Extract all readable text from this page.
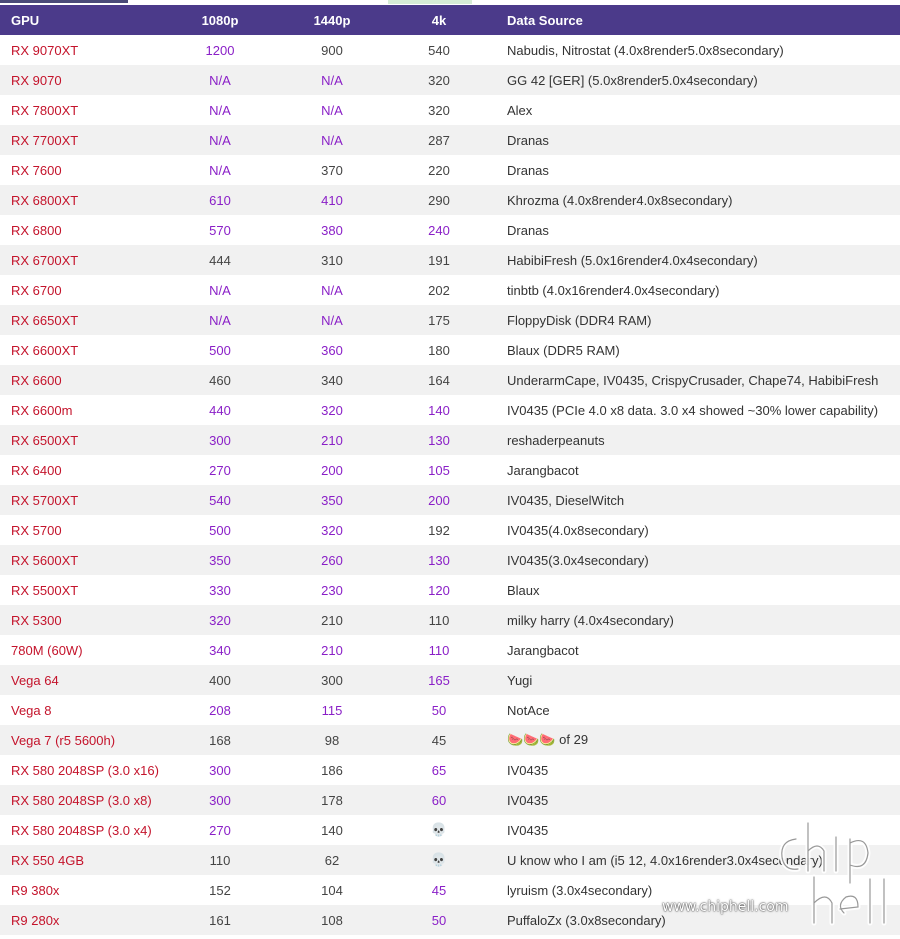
GPU	1080p	1440p	4k	Data Source
RX 9070XT	1200	900	540	Nabudis, Nitrostat (4.0x8render5.0x8secondary)
RX 9070	N/A	N/A	320	GG 42 [GER] (5.0x8render5.0x4secondary)
RX 7800XT	N/A	N/A	320	Alex
RX 7700XT	N/A	N/A	287	Dranas
RX 7600	N/A	370	220	Dranas
RX 6800XT	610	410	290	Khrozma (4.0x8render4.0x8secondary)
RX 6800	570	380	240	Dranas
RX 6700XT	444	310	191	HabibiFresh (5.0x16render4.0x4secondary)
RX 6700	N/A	N/A	202	tinbtb (4.0x16render4.0x4secondary)
RX 6650XT	N/A	N/A	175	FloppyDisk (DDR4 RAM)
RX 6600XT	500	360	180	Blaux (DDR5 RAM)
RX 6600	460	340	164	UnderarmCape, IV0435, CrispyCrusader, Chape74, HabibiFresh
RX 6600m	440	320	140	IV0435 (PCIe 4.0 x8 data. 3.0 x4 showed ~30% lower capability)
RX 6500XT	300	210	130	reshaderpeanuts
RX 6400	270	200	105	Jarangbacot
RX 5700XT	540	350	200	IV0435, DieselWitch
RX 5700	500	320	192	IV0435(4.0x8secondary)
RX 5600XT	350	260	130	IV0435(3.0x4secondary)
RX 5500XT	330	230	120	Blaux
RX 5300	320	210	110	milky harry (4.0x4secondary)
780M (60W)	340	210	110	Jarangbacot
Vega 64	400	300	165	Yugi
Vega 8	208	115	50	NotAce
Vega 7 (r5 5600h)	168	98	45	🍉🍉🍉 of 29
RX 580 2048SP (3.0 x16)	300	186	65	IV0435
RX 580 2048SP (3.0 x8)	300	178	60	IV0435
RX 580 2048SP (3.0 x4)	270	140	💀	IV0435
RX 550 4GB	110	62	💀	U know who I am (i5 12, 4.0x16render3.0x4secondary)
R9 380x	152	104	45	lyruism (3.0x4secondary)
R9 280x	161	108	50	PuffaloZx (3.0x8secondary)
www.chiphell.com
